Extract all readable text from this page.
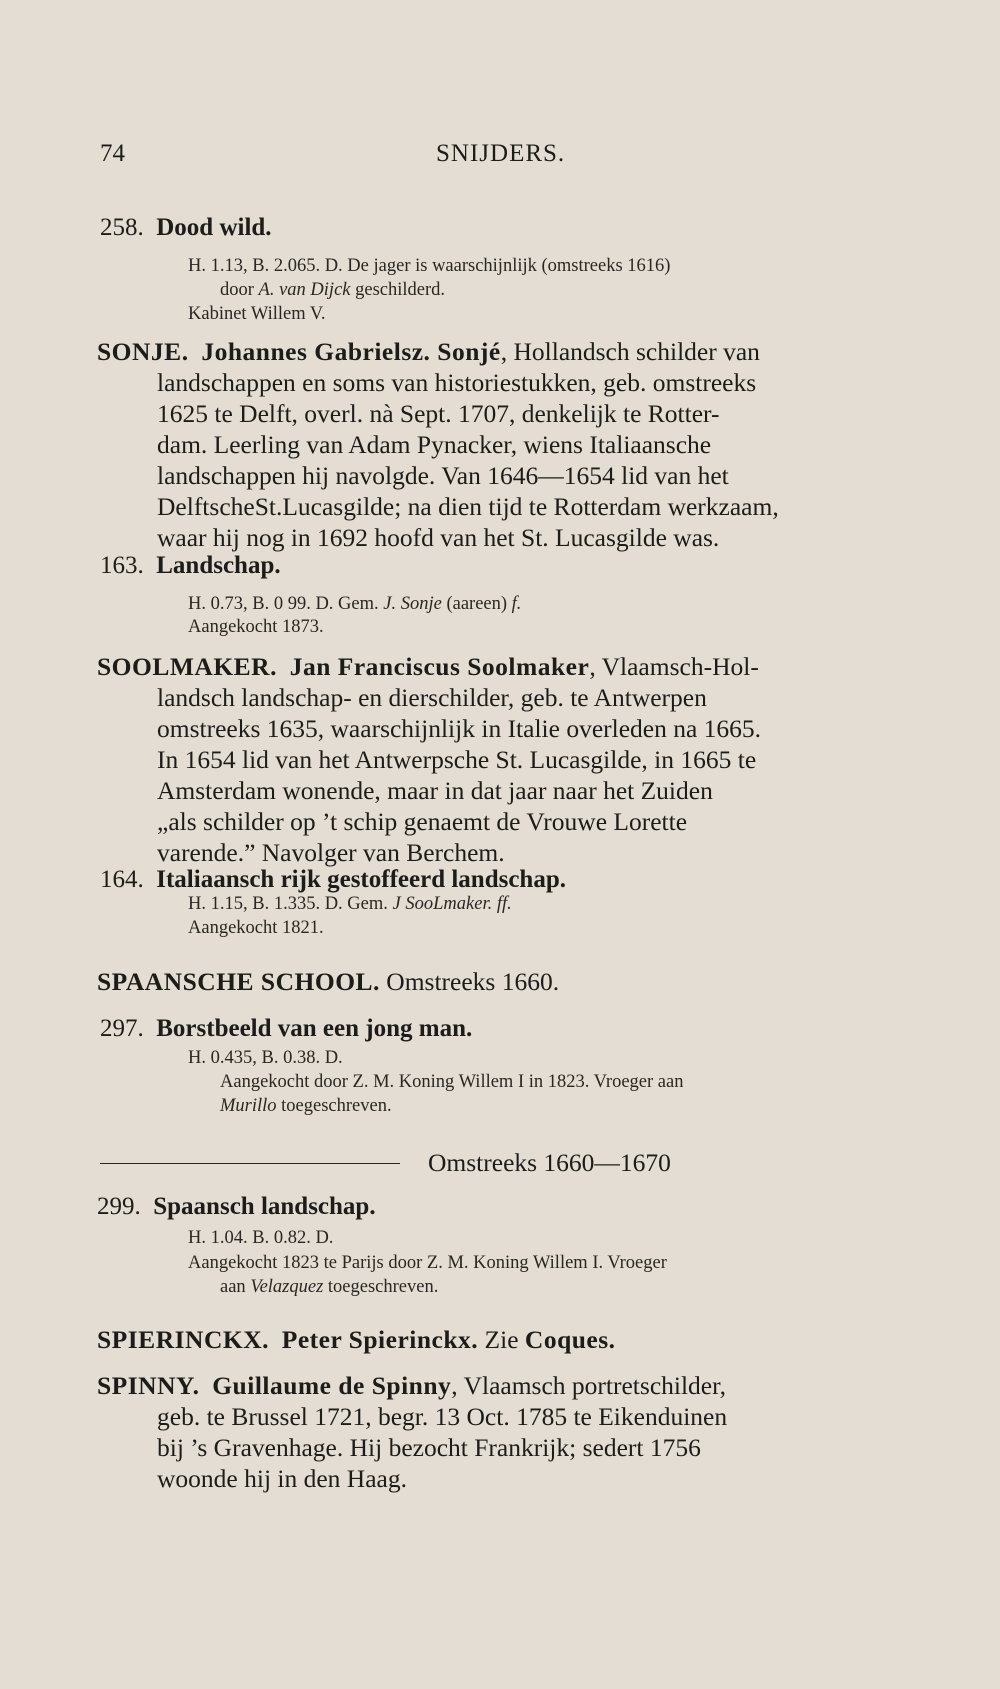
74	SNIJDERS.
258. Dood wild.
H. 1.13, B. 2.065. D. De jager is waarschijnlijk (omstreeks 1616)
door A. van Dijck geschilderd.
Kabinet Willem V.
SONJE. Johannes Gabrielsz. Sonjé, Hollandsch schilder van
landschappen en soms van historiestukken, geb. omstreeks
1625 te Delft, overl. nà Sept. 1707, denkelijk te Rotter-
dam. Leerling van Adam Pynacker, wiens Italiaansche
landschappen hij navolgde. Van 1646—1654 lid van het
DelftscheSt.Lucasgilde; na dien tijd te Rotterdam werkzaam,
waar hij nog in 1692 hoofd van het St. Lucasgilde was.
163. Landschap.
H. 0.73, B. 0 99. D. Gem. J. Sonje (aareen) f.
Aangekocht 1873.
SOOLMAKER. Jan Franciscus Soolmaker, Vlaamsch-Hol-
landsch landschap- en dierschilder, geb. te Antwerpen
omstreeks 1635, waarschijnlijk in Italie overleden na 1665.
In 1654 lid van het Antwerpsche St. Lucasgilde, in 1665 te
Amsterdam wonende, maar in dat jaar naar het Zuiden
„als schilder op ’t schip genaemt de Vrouwe Lorette
varende.” Navolger van Berchem.
164. Italiaansch rijk gestoffeerd landschap.
H. 1.15, B. 1.335. D. Gem. J SooLmaker. ff.
Aangekocht 1821.
SPAANSCHE SCHOOL. Omstreeks 1660.
297. Borstbeeld van een jong man.
H. 0.435, B. 0.38. D.
Aangekocht door Z. M. Koning Willem I in 1823. Vroeger aan
Murillo toegeschreven.
Omstreeks 1660—1670
299. Spaansch landschap.
H. 1.04. B. 0.82. D.
Aangekocht 1823 te Parijs door Z. M. Koning Willem I. Vroeger
aan Velazquez toegeschreven.
SPIERINCKX. Peter Spierinckx. Zie Coques.
SPINNY. Guillaume de Spinny, Vlaamsch portretschilder,
geb. te Brussel 1721, begr. 13 Oct. 1785 te Eikenduinen
bij ’s Gravenhage. Hij bezocht Frankrijk; sedert 1756
woonde hij in den Haag.
